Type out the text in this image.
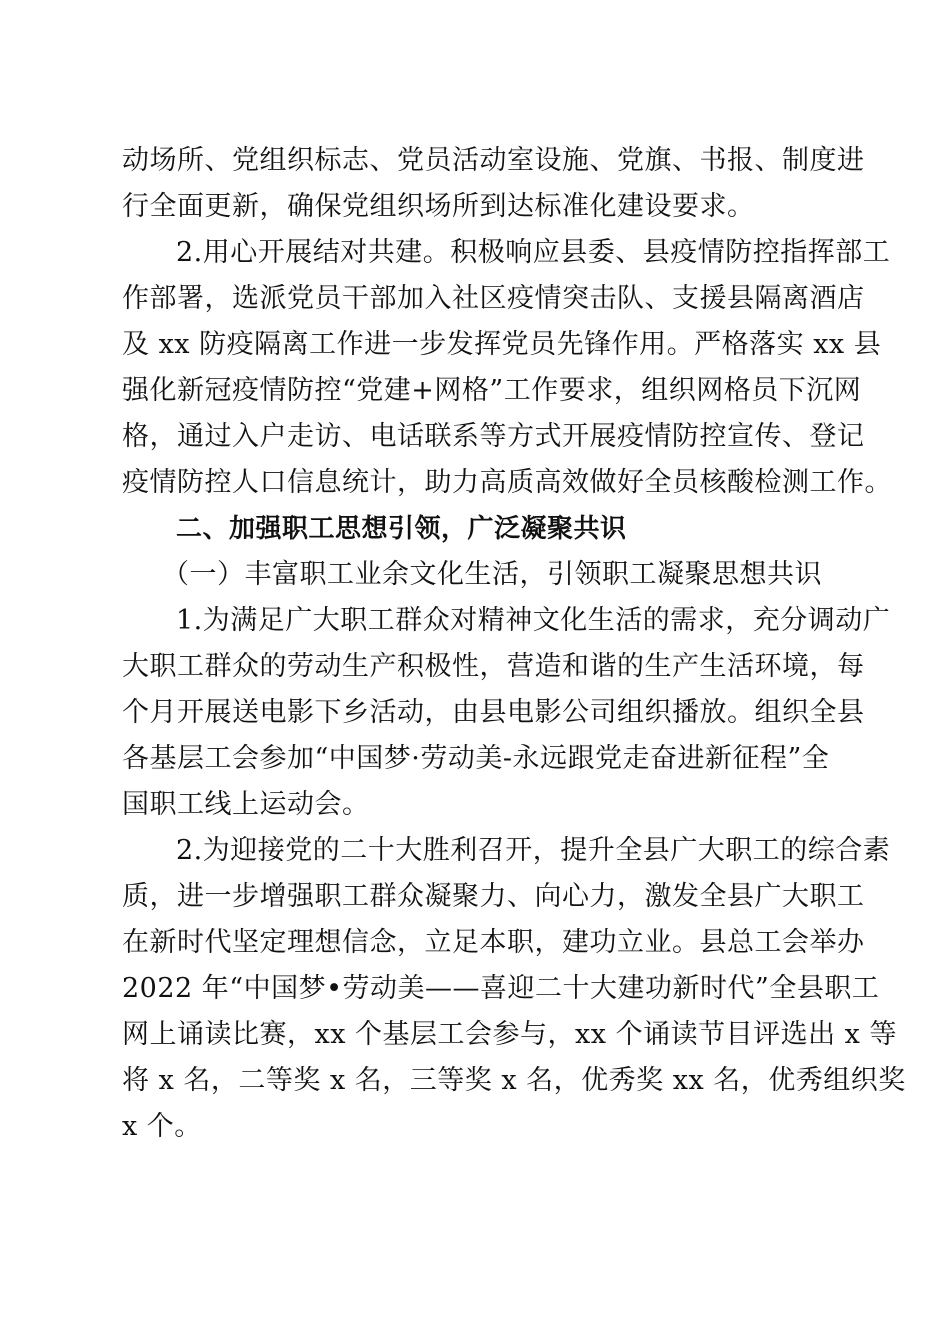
动场所、党组织标志、党员活动室设施、党旗、书报、制度进
行全面更新，确保党组织场所到达标准化建设要求。
2.用心开展结对共建。积极响应县委、县疫情防控指挥部工
作部署，选派党员干部加入社区疫情突击队、支援县隔离酒店
及 xx 防疫隔离工作进一步发挥党员先锋作用。严格落实 xx 县
强化新冠疫情防控“党建+网格”工作要求，组织网格员下沉网
格，通过入户走访、电话联系等方式开展疫情防控宣传、登记
疫情防控人口信息统计，助力高质高效做好全员核酸检测工作。
二、加强职工思想引领，广泛凝聚共识
（一）丰富职工业余文化生活，引领职工凝聚思想共识
1.为满足广大职工群众对精神文化生活的需求，充分调动广
大职工群众的劳动生产积极性，营造和谐的生产生活环境，每
个月开展送电影下乡活动，由县电影公司组织播放。组织全县
各基层工会参加“中国梦·劳动美-永远跟党走奋进新征程”全
国职工线上运动会。
2.为迎接党的二十大胜利召开，提升全县广大职工的综合素
质，进一步增强职工群众凝聚力、向心力，激发全县广大职工
在新时代坚定理想信念，立足本职，建功立业。县总工会举办
2022 年“中国梦•劳动美——喜迎二十大建功新时代”全县职工
网上诵读比赛，xx 个基层工会参与，xx 个诵读节目评选出 x 等
将 x 名，二等奖 x 名，三等奖 x 名，优秀奖 xx 名，优秀组织奖
x 个。
